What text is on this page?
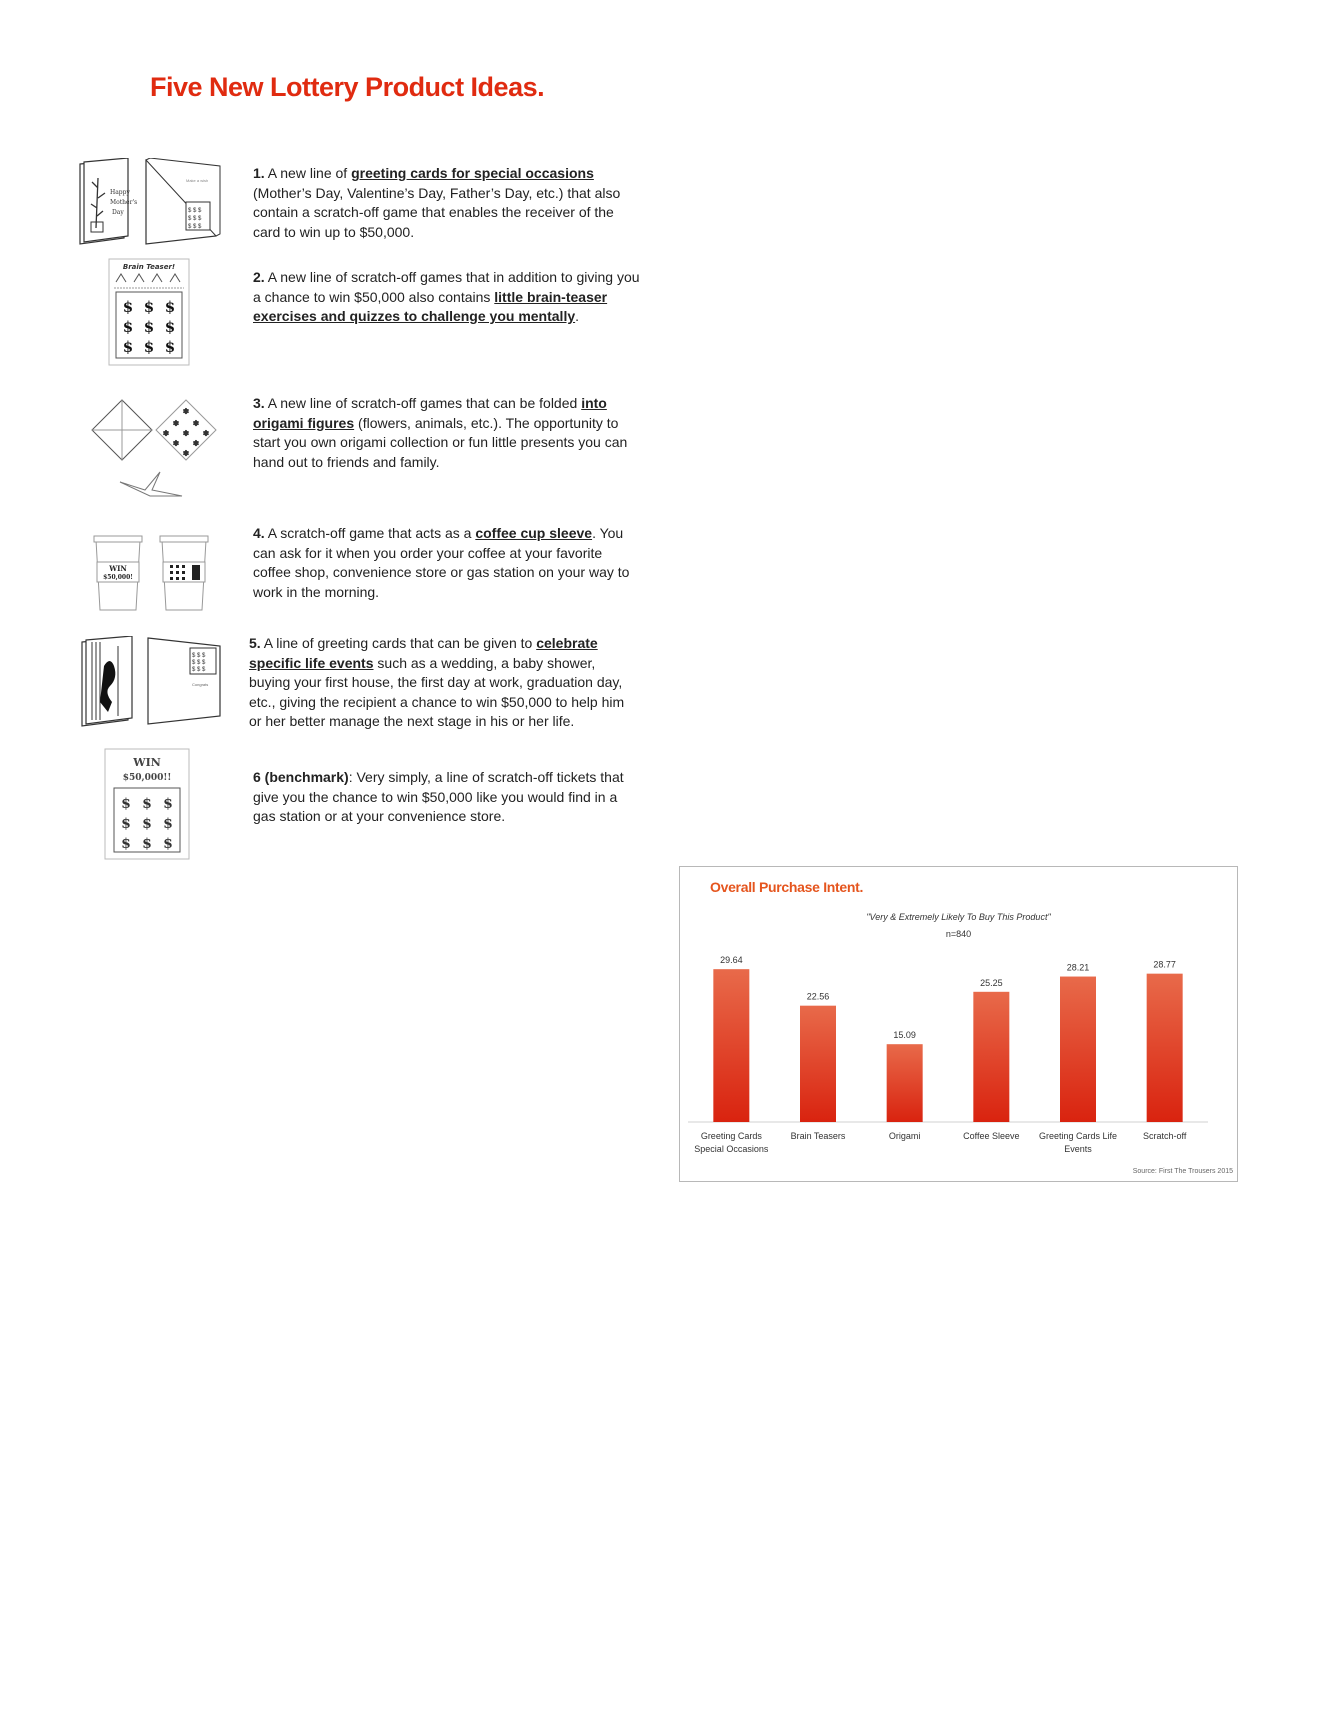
Five New Lottery Product Ideas.
Happy
Mother's
Day	$ $ $
$ $ $
$ $ $
Make a wish
Brain Teaser!
$ $ $
$ $ $
$ $ $
✽
✽ ✽
✽ ✽ ✽
✽ ✽
✽
WIN
$50,000!
$ $ $
$ $ $
$ $ $
Congrats
WIN
$50,000!!
$ $ $
$ $ $
$ $ $
1. A new line of greeting cards for special occasions (Mother’s Day, Valentine’s Day, Father’s Day, etc.) that also contain a scratch-off game that enables the receiver of the card to win up to $50,000.
2. A new line of scratch-off games that in addition to giving you a chance to win $50,000 also contains little brain-teaser exercises and quizzes to challenge you mentally.
3. A new line of scratch-off games that can be folded into origami figures (flowers, animals, etc.). The opportunity to start you own origami collection or fun little presents you can hand out to friends and family.
4. A scratch-off game that acts as a coffee cup sleeve. You can ask for it when you order your coffee at your favorite coffee shop, convenience store or gas station on your way to work in the morning.
5. A line of greeting cards that can be given to celebrate specific life events such as a wedding, a baby shower, buying your first house, the first day at work, graduation day, etc., giving the recipient a chance to win $50,000 to help him or her better manage the next stage in his or her life.
6 (benchmark): Very simply, a line of scratch-off tickets that give you the chance to win $50,000 like you would find in a gas station or at your convenience store.
29.64
Greeting Cards
Special Occasions
22.56
Brain Teasers
15.09
Origami
25.25
Coffee Sleeve
28.21
Greeting Cards Life
Events
28.77
Scratch-off
Overall Purchase Intent.
"Very & Extremely Likely To Buy This Product"
n=840
Source: First The Trousers 2015
